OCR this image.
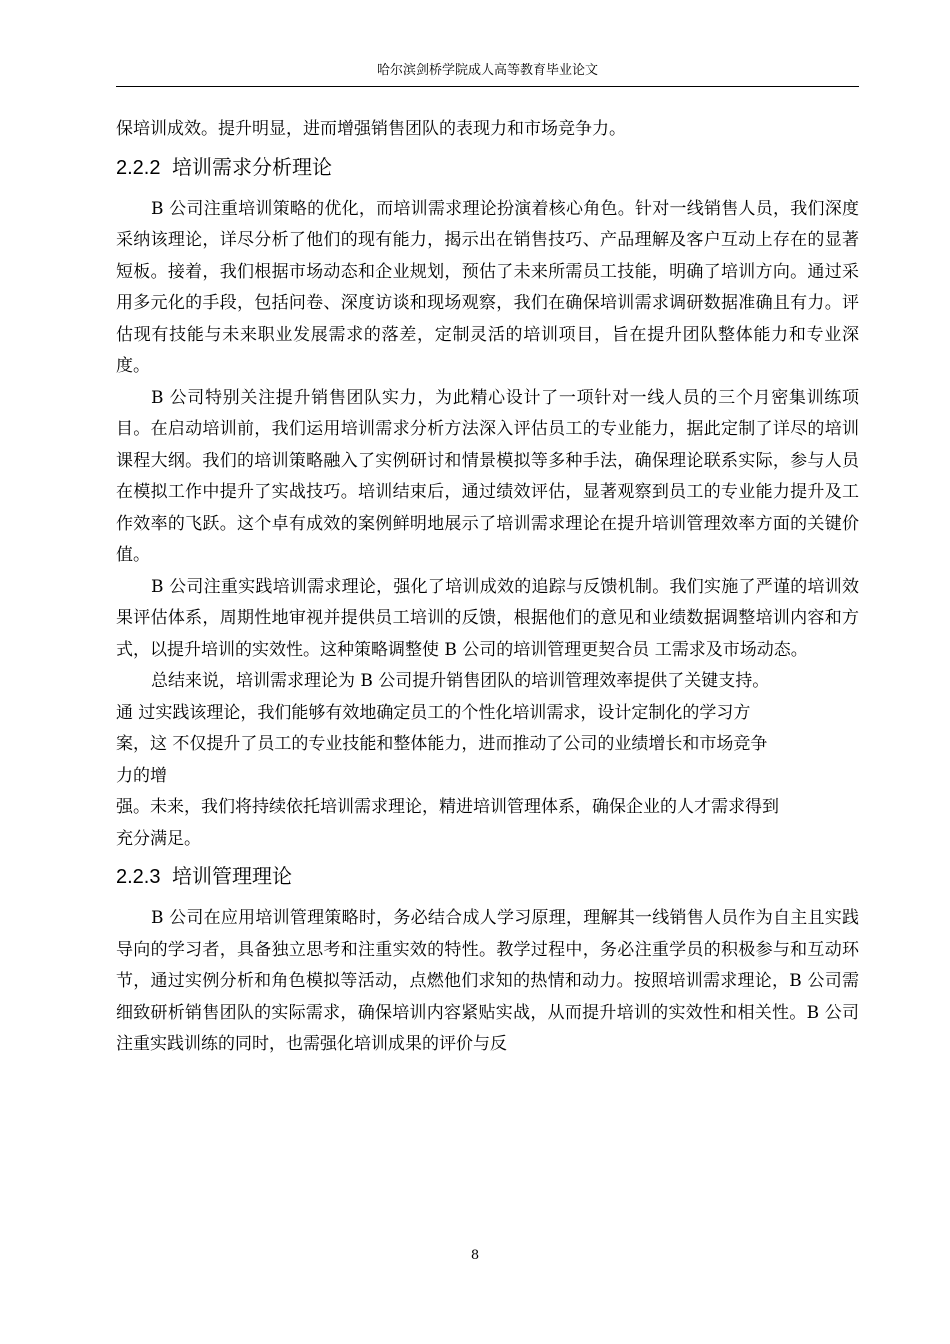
哈尔滨剑桥学院成人高等教育毕业论文

保培训成效。提升明显，进而增强销售团队的表现力和市场竞争力。

2.2.2 培训需求分析理论

B 公司注重培训策略的优化，而培训需求理论扮演着核心角色。针对一线销售人员，我们深度采纳该理论，详尽分析了他们的现有能力，揭示出在销售技巧、产品理解及客户互动上存在的显著短板。接着，我们根据市场动态和企业规划，预估了未来所需员工技能，明确了培训方向。通过采用多元化的手段，包括问卷、深度访谈和现场观察，我们在确保培训需求调研数据准确且有力。评估现有技能与未来职业发展需求的落差，定制灵活的培训项目，旨在提升团队整体能力和专业深度。

B 公司特别关注提升销售团队实力，为此精心设计了一项针对一线人员的三个月密集训练项目。在启动培训前，我们运用培训需求分析方法深入评估员工的专业能力，据此定制了详尽的培训课程大纲。我们的培训策略融入了实例研讨和情景模拟等多种手法，确保理论联系实际，参与人员在模拟工作中提升了实战技巧。培训结束后，通过绩效评估，显著观察到员工的专业能力提升及工作效率的飞跃。这个卓有成效的案例鲜明地展示了培训需求理论在提升培训管理效率方面的关键价值。

B 公司注重实践培训需求理论，强化了培训成效的追踪与反馈机制。我们实施了严谨的培训效果评估体系，周期性地审视并提供员工培训的反馈，根据他们的意见和业绩数据调整培训内容和方式，以提升培训的实效性。这种策略调整使 B 公司的培训管理更契合员 工需求及市场动态。

总结来说，培训需求理论为 B 公司提升销售团队的培训管理效率提供了关键支持。
通 过实践该理论，我们能够有效地确定员工的个性化培训需求，设计定制化的学习方
案，这 不仅提升了员工的专业技能和整体能力，进而推动了公司的业绩增长和市场竞争
力的增
强。未来，我们将持续依托培训需求理论，精进培训管理体系，确保企业的人才需求得到
充分满足。
2.2.3 培训管理理论

B 公司在应用培训管理策略时，务必结合成人学习原理，理解其一线销售人员作为自主且实践导向的学习者，具备独立思考和注重实效的特性。教学过程中，务必注重学员的积极参与和互动环节，通过实例分析和角色模拟等活动，点燃他们求知的热情和动力。按照培训需求理论，B 公司需细致研析销售团队的实际需求，确保培训内容紧贴实战，从而提升培训的实效性和相关性。B 公司注重实践训练的同时，也需强化培训成果的评价与反

8
